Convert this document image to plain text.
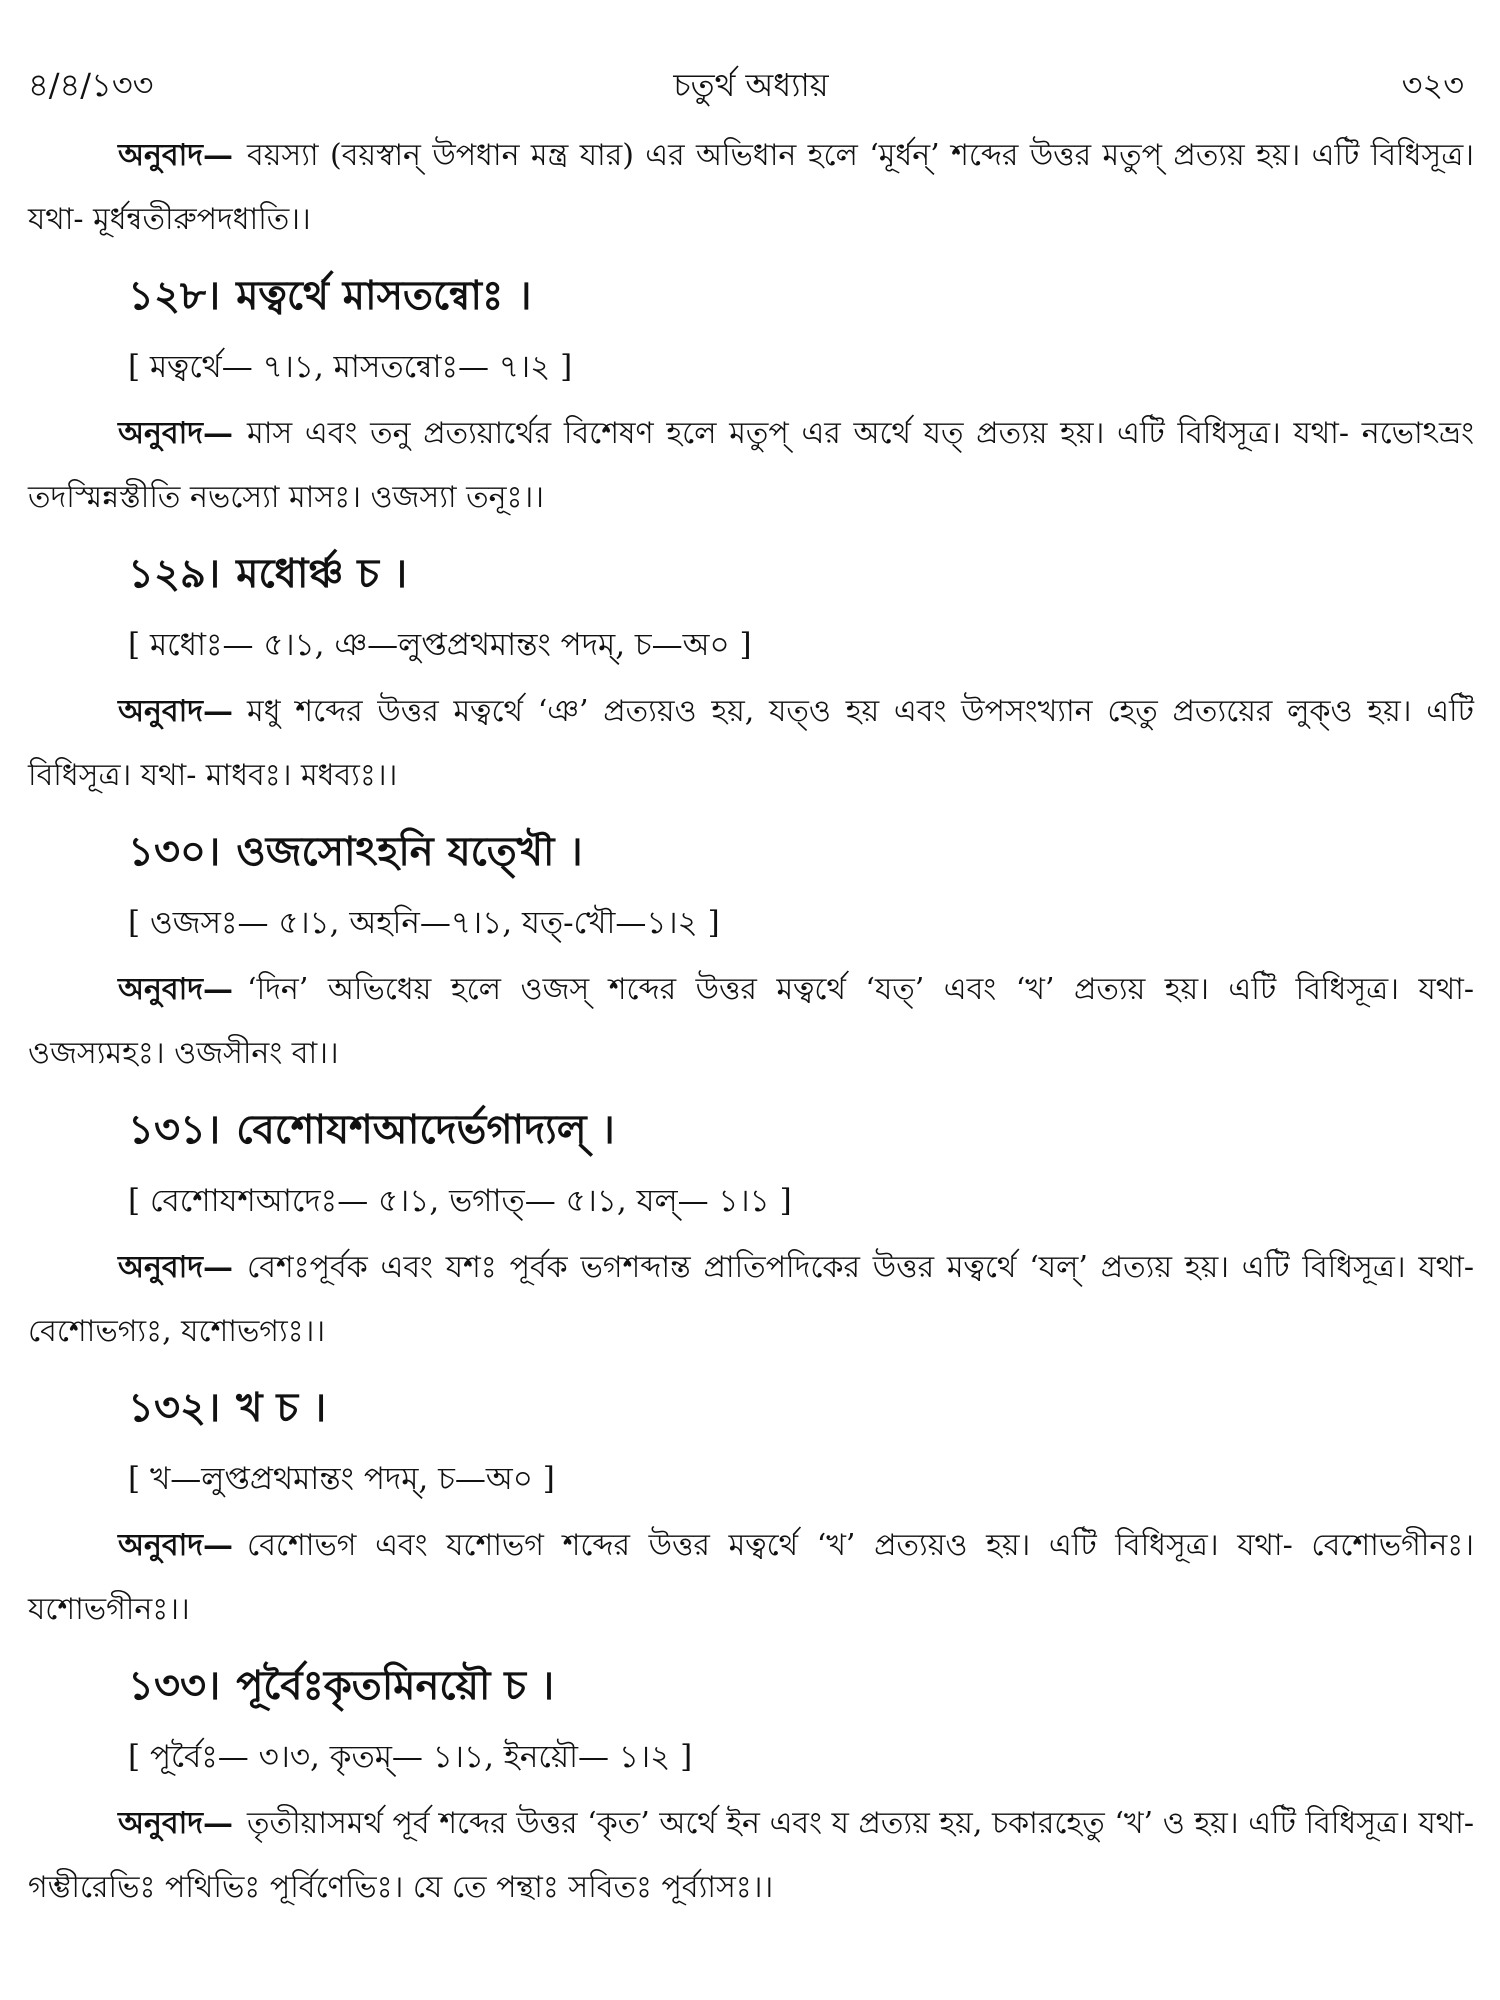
৪/৪/১৩৩	চতুর্থ অধ্যায়	৩২৩

অনুবাদ— বয়স্যা (বয়স্বান্ উপধান মন্ত্র যার) এর অভিধান হলে ‘মূর্ধন্’ শব্দের উত্তর মতুপ্ প্রত্যয় হয়। এটি বিধিসূত্র। যথা- মূর্ধন্বতীরুপদধাতি।।

১২৮। মত্বর্থে মাসতন্বোঃ ।
[ মত্বর্থে— ৭।১, মাসতন্বোঃ— ৭।২ ]

অনুবাদ— মাস এবং তনু প্রত্যয়ার্থের বিশেষণ হলে মতুপ্ এর অর্থে যত্ প্রত্যয় হয়। এটি বিধিসূত্র। যথা- নভোঽভ্রং তদস্মিন্নস্তীতি নভস্যো মাসঃ। ওজস্যা তনূঃ।।

১২৯। মধোর্ঞ্চ চ ।
[ মধোঃ— ৫।১, ঞ—লুপ্তপ্রথমান্তং পদম্, চ—অ০ ]

অনুবাদ— মধু শব্দের উত্তর মত্বর্থে ‘ঞ’ প্রত্যয়ও হয়, যত্ও হয় এবং উপসংখ্যান হেতু প্রত্যয়ের লুক্ও হয়। এটি বিধিসূত্র। যথা- মাধবঃ। মধব্যঃ।।

১৩০। ওজসোঽহনি যত্খৌ ।
[ ওজসঃ— ৫।১, অহনি—৭।১, যত্-খৌ—১।২ ]

অনুবাদ— ‘দিন’ অভিধেয় হলে ওজস্ শব্দের উত্তর মত্বর্থে ‘যত্’ এবং ‘খ’ প্রত্যয় হয়। এটি বিধিসূত্র। যথা- ওজস্যমহঃ। ওজসীনং বা।।

১৩১। বেশোযশআদের্ভগাদ্যল্ ।
[ বেশোযশআদেঃ— ৫।১, ভগাত্— ৫।১, যল্— ১।১ ]

অনুবাদ— বেশঃপূর্বক এবং যশঃ পূর্বক ভগশব্দান্ত প্রাতিপদিকের উত্তর মত্বর্থে ‘যল্’ প্রত্যয় হয়। এটি বিধিসূত্র। যথা- বেশোভগ্যঃ, যশোভগ্যঃ।।

১৩২। খ চ ।
[ খ—লুপ্তপ্রথমান্তং পদম্, চ—অ০ ]

অনুবাদ— বেশোভগ এবং যশোভগ শব্দের উত্তর মত্বর্থে ‘খ’ প্রত্যয়ও হয়। এটি বিধিসূত্র। যথা- বেশোভগীনঃ। যশোভগীনঃ।।

১৩৩। পূর্বৈঃকৃতমিনয়ৌ চ ।
[ পূর্বৈঃ— ৩।৩, কৃতম্— ১।১, ইনয়ৌ— ১।২ ]

অনুবাদ— তৃতীয়াসমর্থ পূর্ব শব্দের উত্তর ‘কৃত’ অর্থে ইন এবং য প্রত্যয় হয়, চকারহেতু ‘খ’ ও হয়। এটি বিধিসূত্র। যথা- গম্ভীরেভিঃ পথিভিঃ পূর্বিণেভিঃ। যে তে পন্থাঃ সবিতঃ পূর্ব্যাসঃ।।
